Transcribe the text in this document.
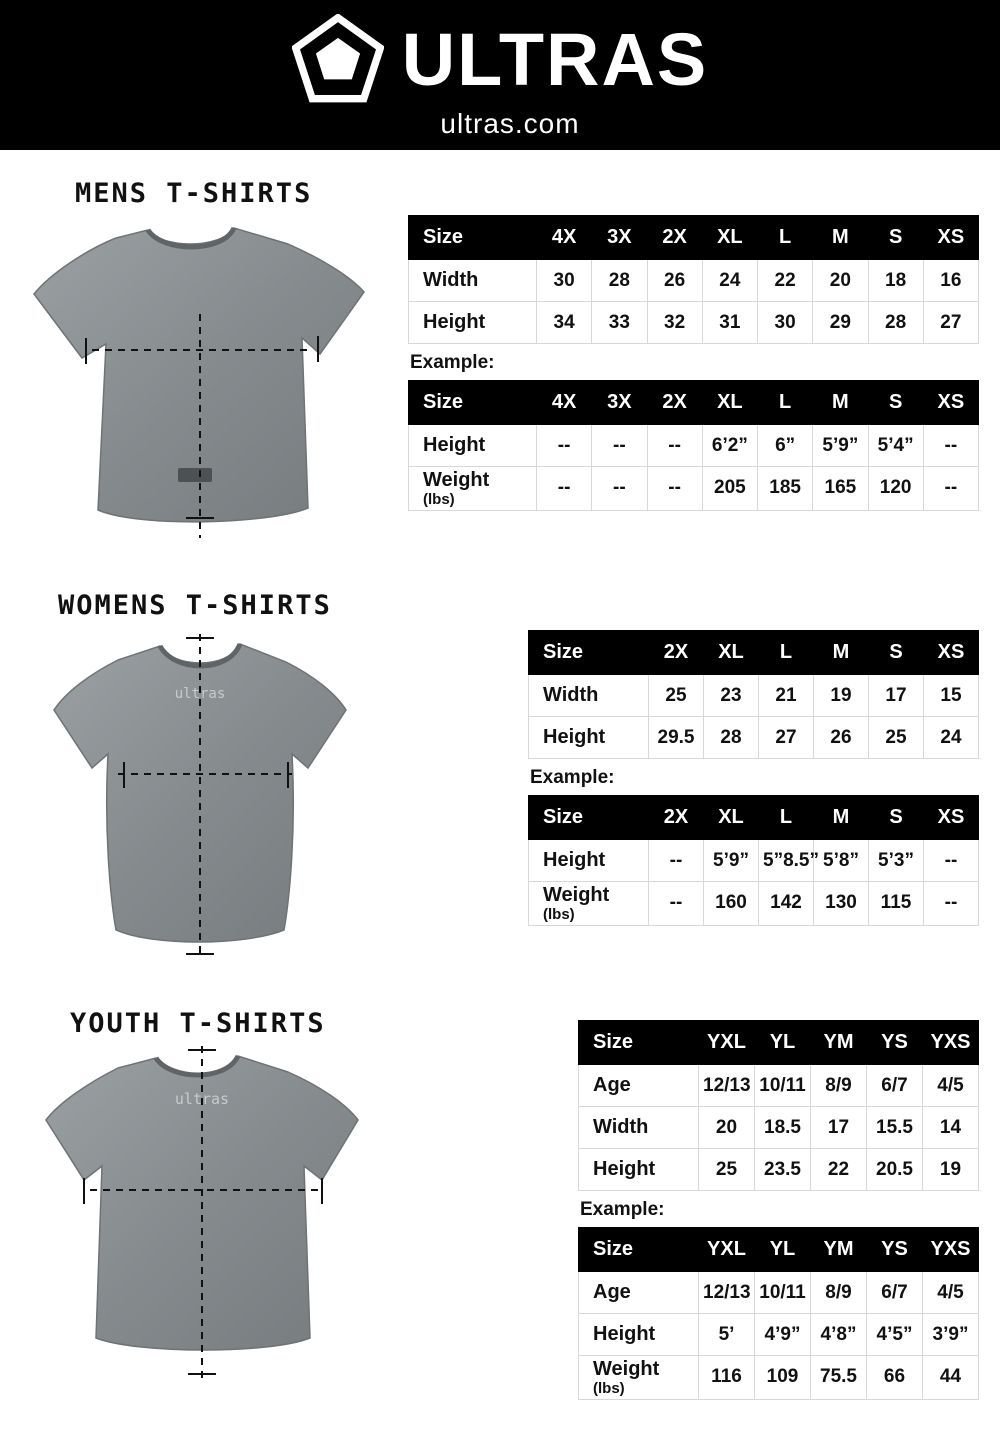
ULTRAS
ultras.com
MENS T-SHIRTS
Size	4X	3X	2X	XL	L	M	S	XS
Width	30	28	26	24	22	20	18	16
Height	34	33	32	31	30	29	28	27
Example:
Size	4X	3X	2X	XL	L	M	S	XS
Height	--	--	--	6’2”	6”	5’9”	5’4”	--
Weight
(lbs)	--	--	--	205	185	165	120	--
WOMENS T-SHIRTS
ultras
Size	2X	XL	L	M	S	XS
Width	25	23	21	19	17	15
Height	29.5	28	27	26	25	24
Example:
Size	2X	XL	L	M	S	XS
Height	--	5’9”	5”8.5”	5’8”	5’3”	--
Weight
(lbs)	--	160	142	130	115	--
YOUTH T-SHIRTS
ultras
Size	YXL	YL	YM	YS	YXS
Age	12/13	10/11	8/9	6/7	4/5
Width	20	18.5	17	15.5	14
Height	25	23.5	22	20.5	19
Example:
Size	YXL	YL	YM	YS	YXS
Age	12/13	10/11	8/9	6/7	4/5
Height	5’	4’9”	4’8”	4’5”	3’9”
Weight
(lbs)	116	109	75.5	66	44
